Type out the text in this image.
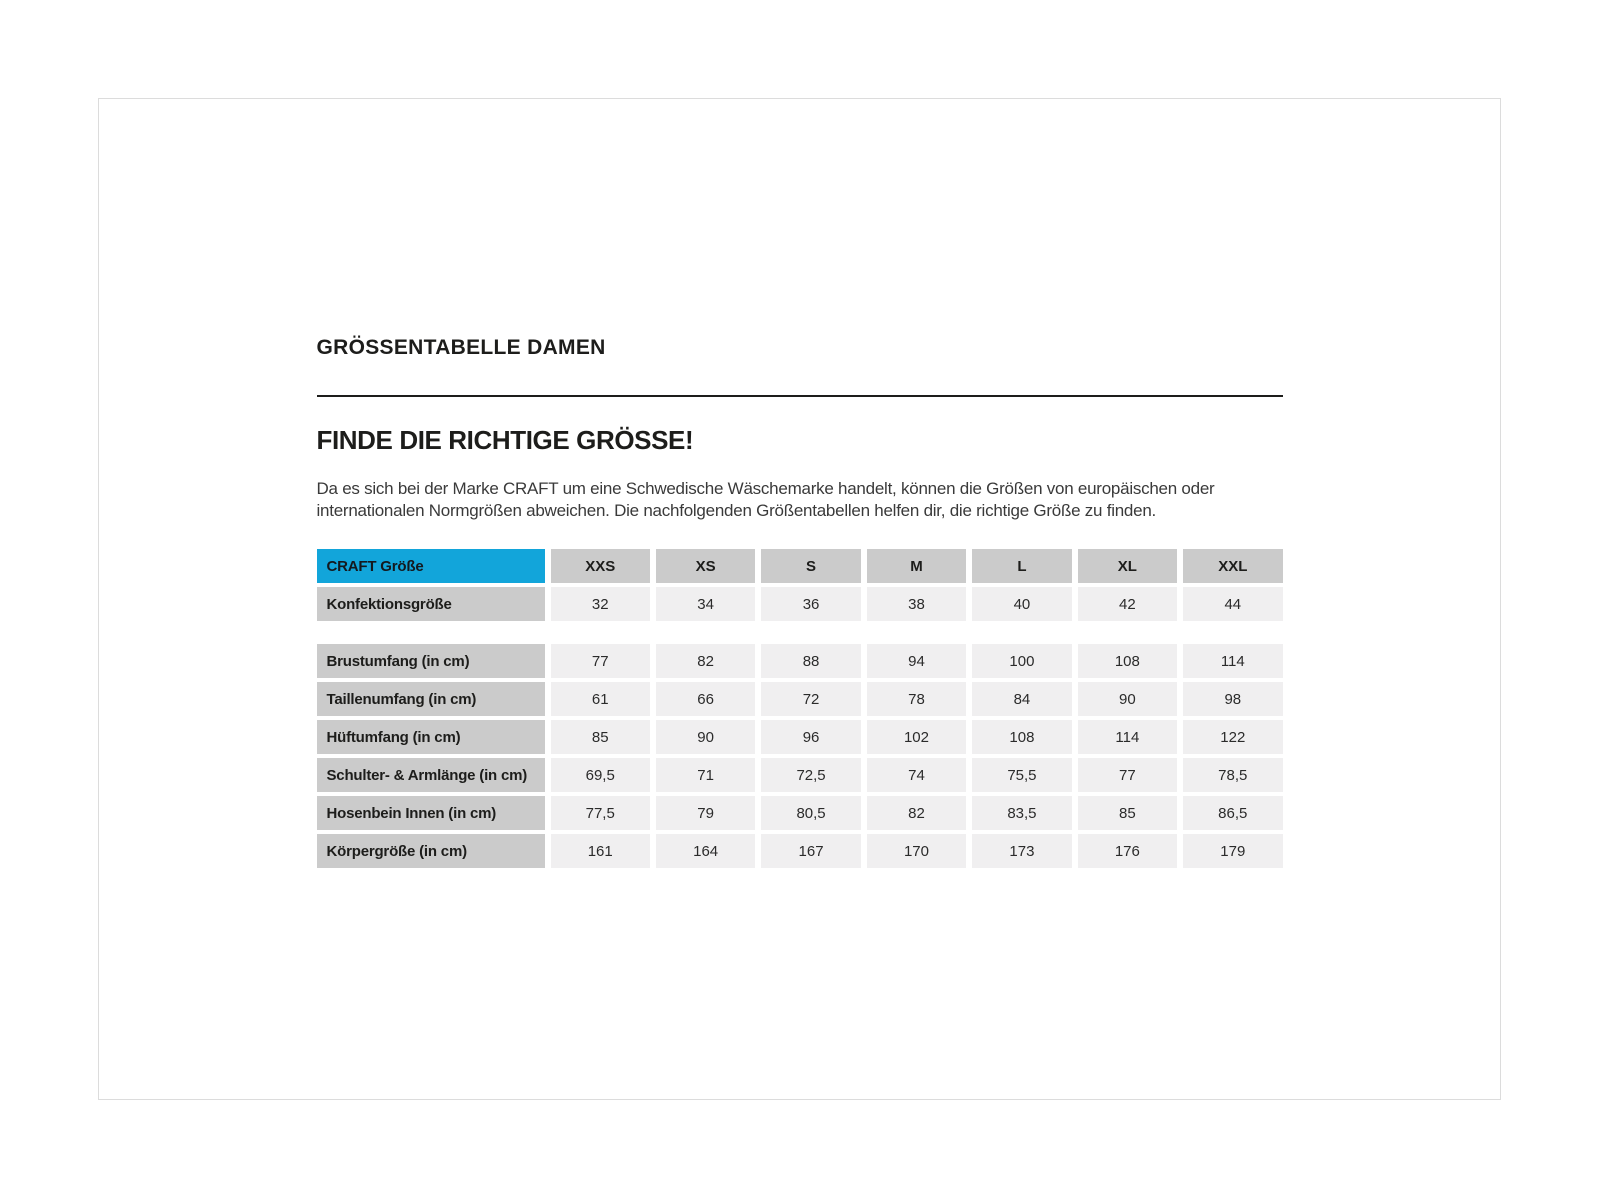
GRÖSSENTABELLE DAMEN
FINDE DIE RICHTIGE GRÖSSE!
Da es sich bei der Marke CRAFT um eine Schwedische Wäschemarke handelt, können die Größen von europäischen oder
internationalen Normgrößen abweichen. Die nachfolgenden Größentabellen helfen dir, die richtige Größe zu finden.
CRAFT Größe	XXS	XS	S	M	L	XL	XXL
Konfektionsgröße	32	34	36	38	40	42	44
Brustumfang (in cm)	77	82	88	94	100	108	114
Taillenumfang (in cm)	61	66	72	78	84	90	98
Hüftumfang (in cm)	85	90	96	102	108	114	122
Schulter- & Armlänge (in cm)	69,5	71	72,5	74	75,5	77	78,5
Hosenbein Innen (in cm)	77,5	79	80,5	82	83,5	85	86,5
Körpergröße (in cm)	161	164	167	170	173	176	179
